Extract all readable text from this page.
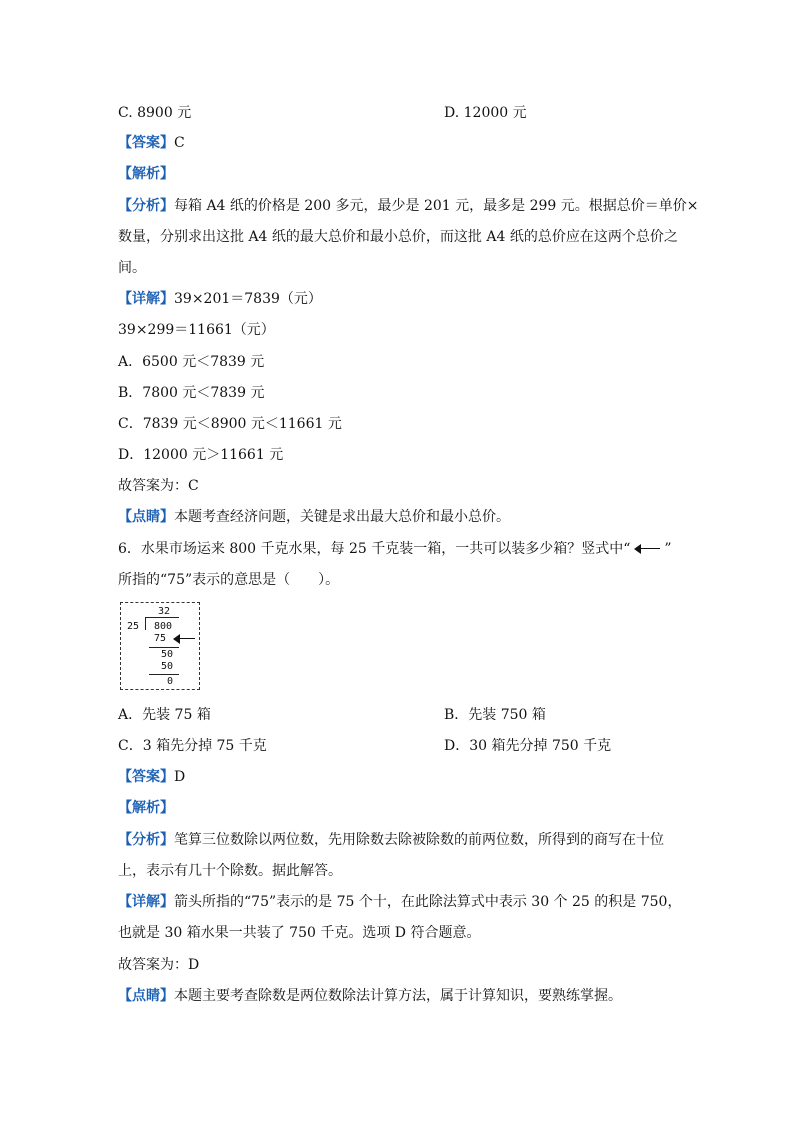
C. 8900 元	D. 12000 元
【答案】C
【解析】
【分析】每箱 A4 纸的价格是 200 多元，最少是 201 元，最多是 299 元。根据总价＝单价×
数量，分别求出这批 A4 纸的最大总价和最小总价，而这批 A4 纸的总价应在这两个总价之
间。
【详解】39×201＝7839（元）
39×299＝11661（元）
A．6500 元＜7839 元
B．7800 元＜7839 元
C．7839 元＜8900 元＜11661 元
D．12000 元＞11661 元
故答案为：C
【点睛】本题考查经济问题，关键是求出最大总价和最小总价。
6．水果市场运来 800 千克水果，每 25 千克装一箱，一共可以装多少箱？竖式中“ ”
所指的“75”表示的意思是（　　）。
32
25 800
75
50
50
0
A．先装 75 箱	B．先装 750 箱
C．3 箱先分掉 75 千克	D．30 箱先分掉 750 千克
【答案】D
【解析】
【分析】笔算三位数除以两位数，先用除数去除被除数的前两位数，所得到的商写在十位
上，表示有几十个除数。据此解答。
【详解】箭头所指的“75”表示的是 75 个十，在此除法算式中表示 30 个 25 的积是 750，
也就是 30 箱水果一共装了 750 千克。选项 D 符合题意。
故答案为：D
【点睛】本题主要考查除数是两位数除法计算方法，属于计算知识，要熟练掌握。
